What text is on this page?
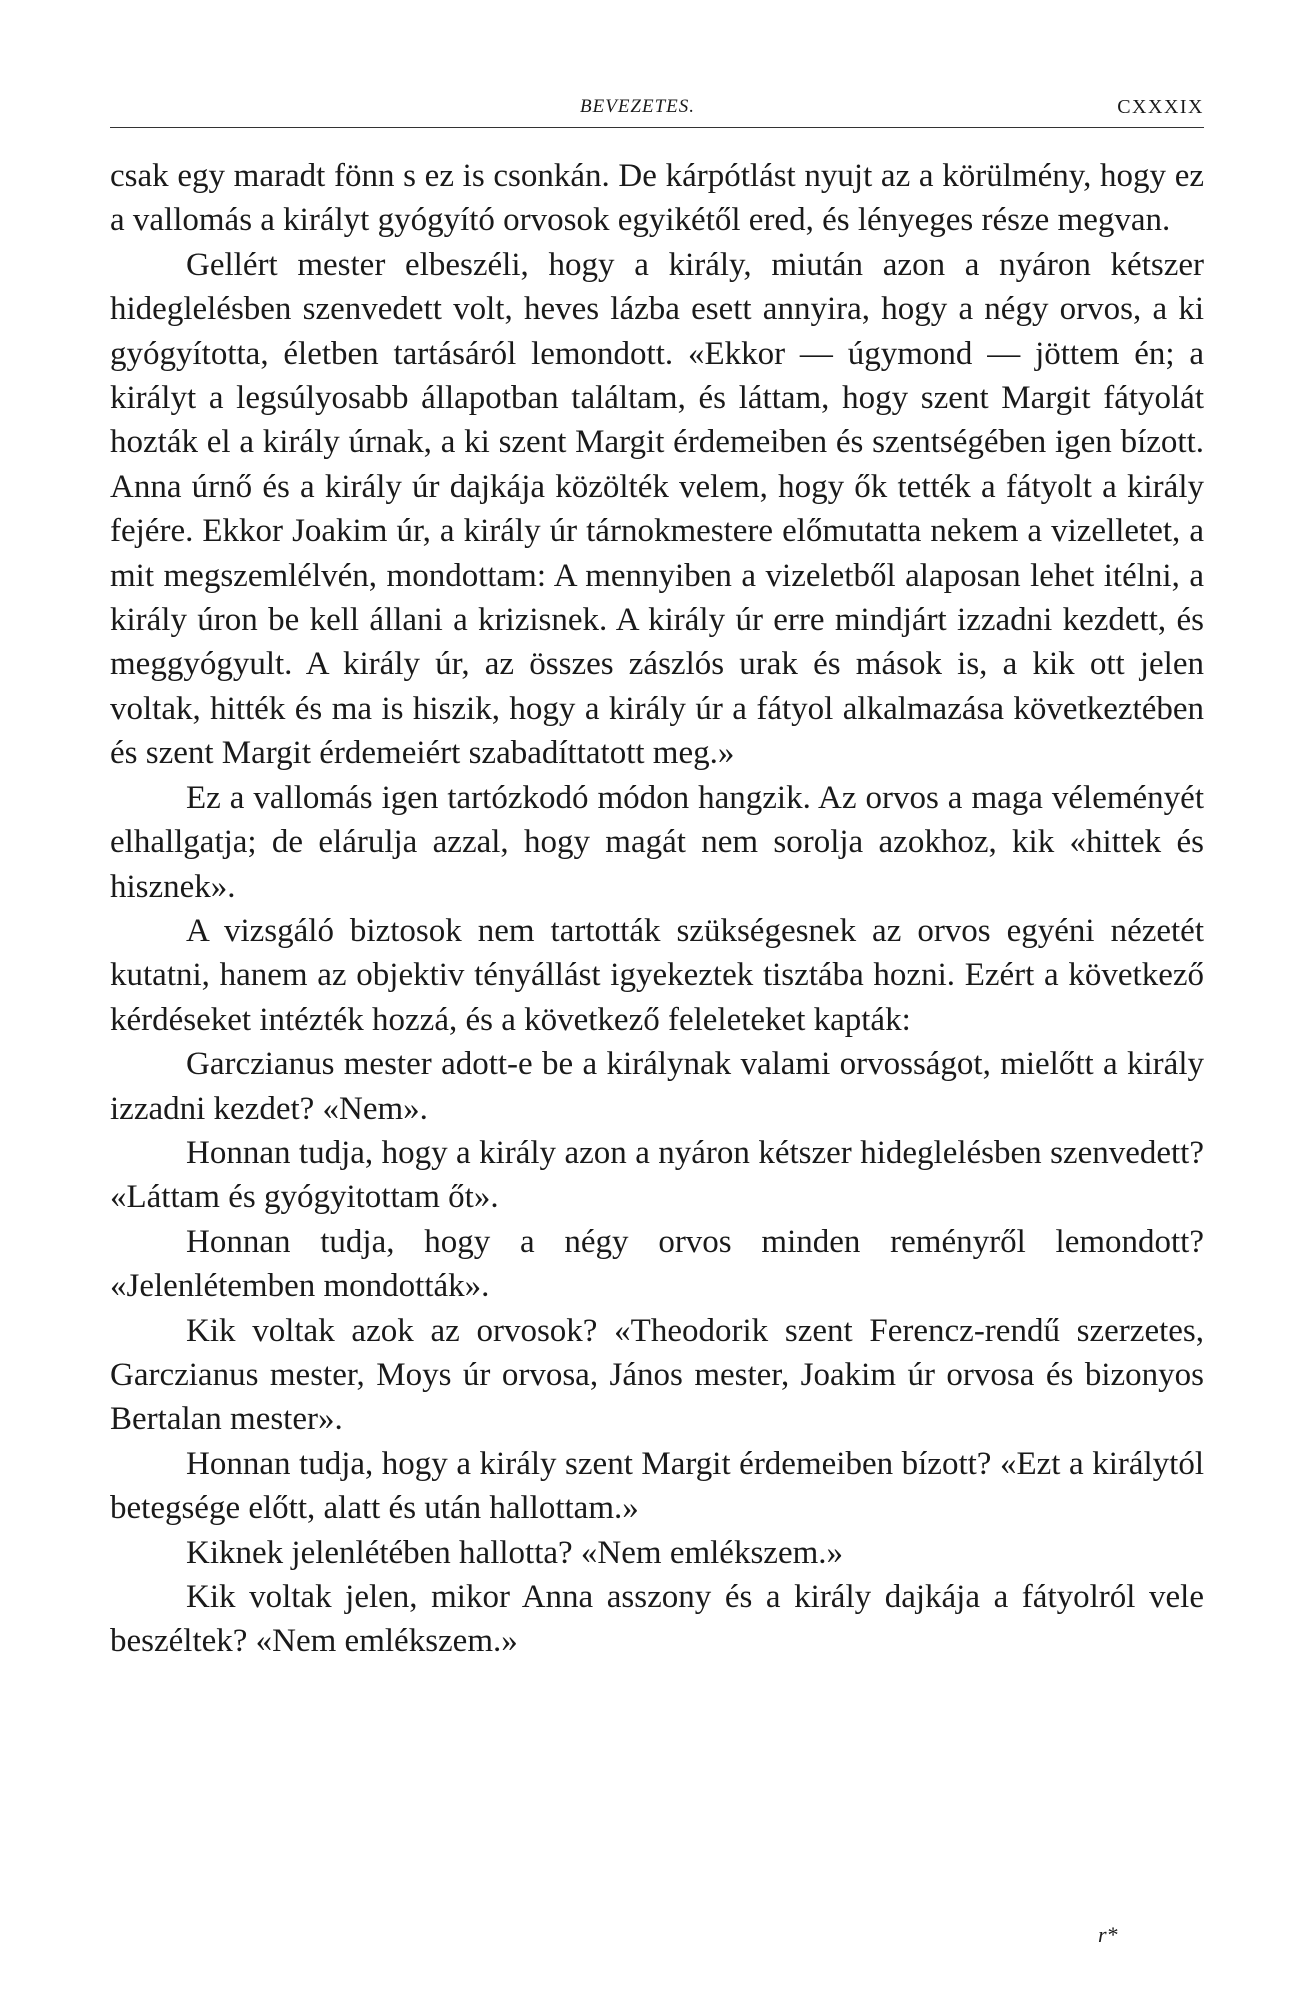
BEVEZETES.	CXXXIX

csak egy maradt fönn s ez is csonkán. De kárpótlást nyujt az a körülmény, hogy ez a vallomás a királyt gyógyító orvosok egyikétől ered, és lényeges része megvan.

Gellért mester elbeszéli, hogy a király, miután azon a nyáron kétszer hideglelésben szenvedett volt, heves lázba esett annyira, hogy a négy orvos, a ki gyógyította, életben tartásáról lemondott. «Ekkor — úgymond — jöttem én; a királyt a legsúlyosabb állapotban találtam, és láttam, hogy szent Margit fátyolát hozták el a király úrnak, a ki szent Margit érdemeiben és szentségében igen bízott. Anna úrnő és a király úr dajkája közölték velem, hogy ők tették a fátyolt a király fejére. Ekkor Joakim úr, a király úr tárnokmestere előmutatta nekem a vizelletet, a mit megszemlélvén, mondottam: A mennyiben a vizeletből alaposan lehet itélni, a király úron be kell állani a krizisnek. A király úr erre mindjárt izzadni kezdett, és meggyógyult. A király úr, az összes zászlós urak és mások is, a kik ott jelen voltak, hitték és ma is hiszik, hogy a király úr a fátyol alkalmazása következtében és szent Margit érdemeiért szabadíttatott meg.»

Ez a vallomás igen tartózkodó módon hangzik. Az orvos a maga véleményét elhallgatja; de elárulja azzal, hogy magát nem sorolja azokhoz, kik «hittek és hisznek».

A vizsgáló biztosok nem tartották szükségesnek az orvos egyéni nézetét kutatni, hanem az objektiv tényállást igyekeztek tisztába hozni. Ezért a következő kérdéseket intézték hozzá, és a következő feleleteket kapták:

Garczianus mester adott-e be a királynak valami orvosságot, mielőtt a király izzadni kezdet? «Nem».

Honnan tudja, hogy a király azon a nyáron kétszer hideglelésben szenvedett? «Láttam és gyógyitottam őt».

Honnan tudja, hogy a négy orvos minden reményről lemondott? «Jelenlétemben mondották».

Kik voltak azok az orvosok? «Theodorik szent Ferencz-rendű szerzetes, Garczianus mester, Moys úr orvosa, János mester, Joakim úr orvosa és bizonyos Bertalan mester».

Honnan tudja, hogy a király szent Margit érdemeiben bízott? «Ezt a királytól betegsége előtt, alatt és után hallottam.»

Kiknek jelenlétében hallotta? «Nem emlékszem.»

Kik voltak jelen, mikor Anna asszony és a király dajkája a fátyolról vele beszéltek? «Nem emlékszem.»

r*
